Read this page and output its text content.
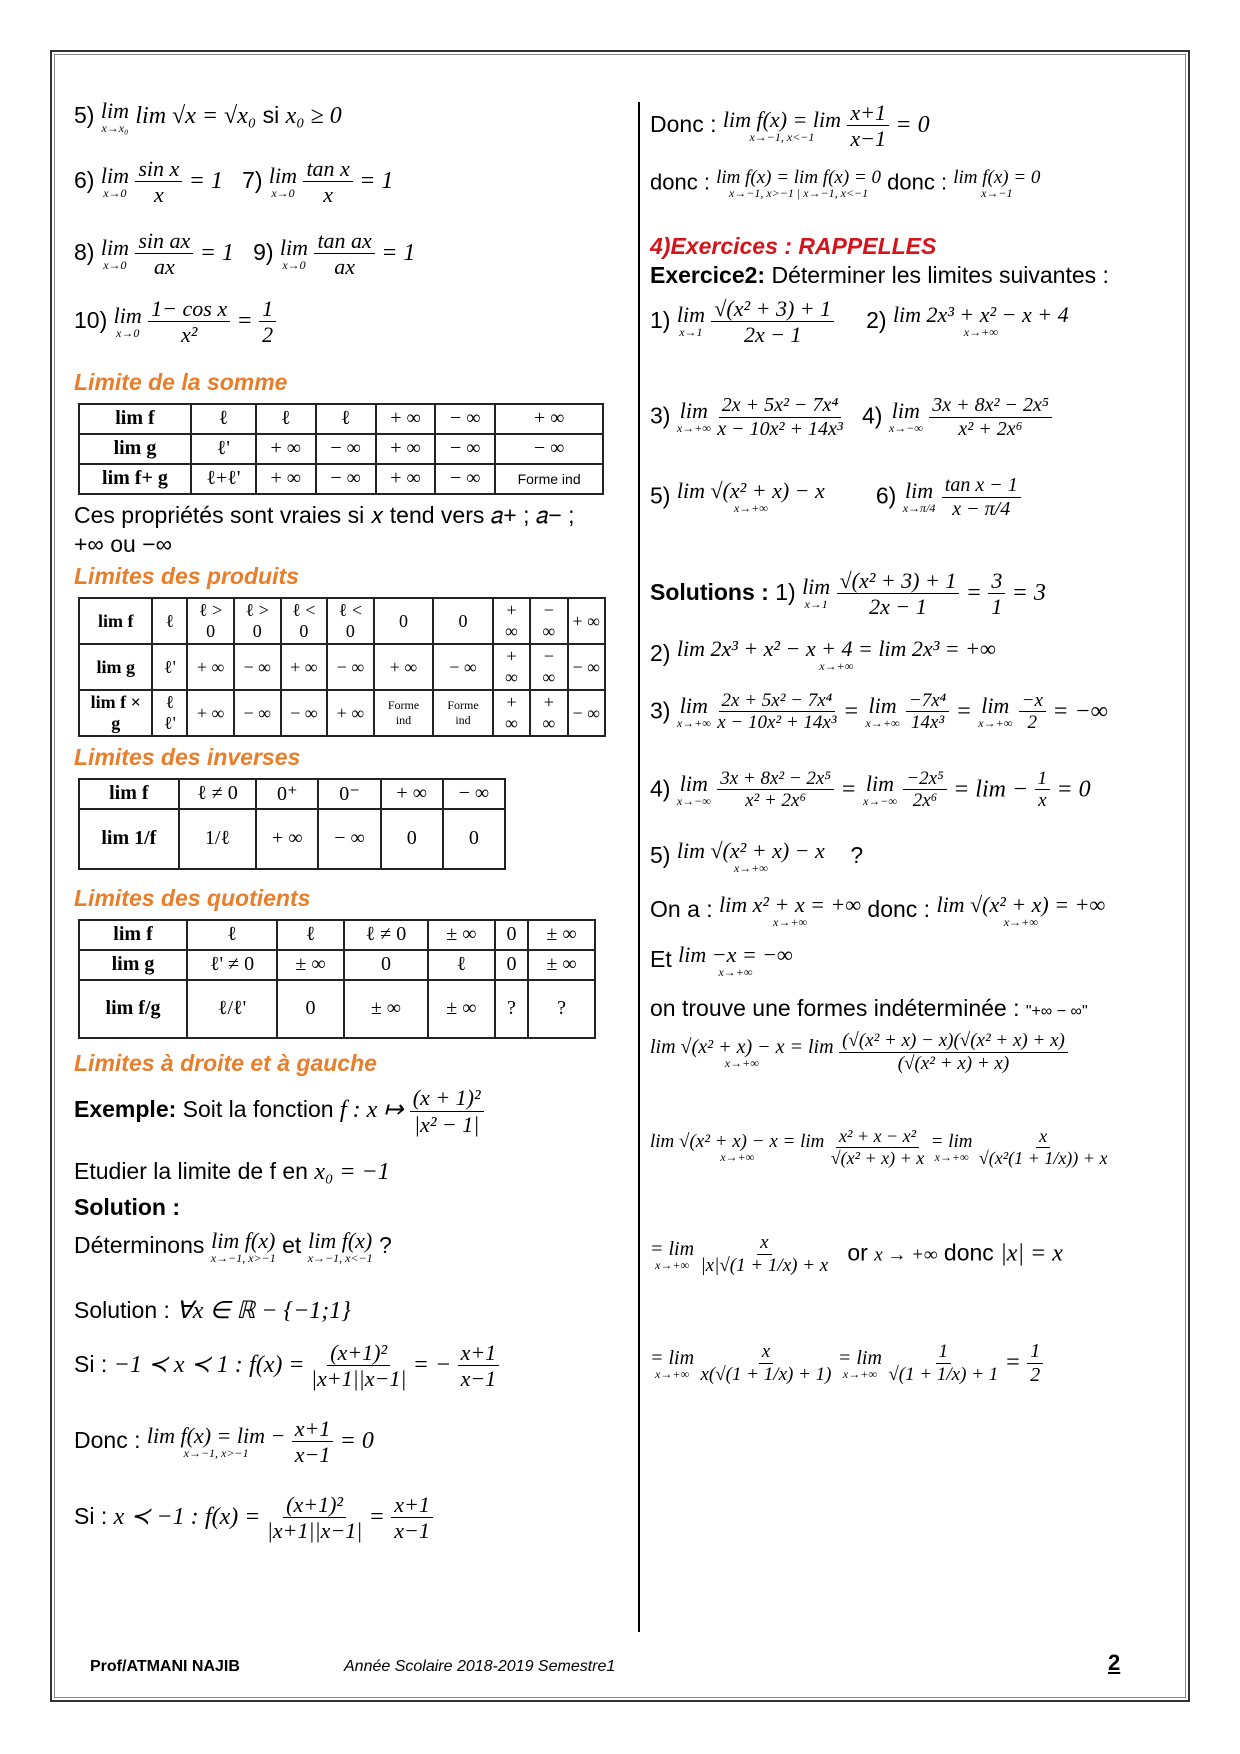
5) lim
x→x₀ lim √x = √x₀ si x₀ ≥ 0
6) lim
x→0
$\frac{\text{sin x}}{x} = 1$ 7) lim
x→0
$\frac{\text{tan x}}{x} = 1$
8) lim
x→0
$\frac{\text{sin ax}}{ax} = 1$ 9) lim
x→0
$\frac{\text{tan ax}}{ax} = 1$
10) lim
x→0
$\frac{\text{1− cos x}}{\text{x²}} = \frac{1}{2}$
Limite de la somme
lim f	ℓ	ℓ	ℓ	+ ∞	− ∞	+ ∞
lim g	ℓ'	+ ∞	− ∞	+ ∞	− ∞	− ∞
lim f+ g	ℓ+ℓ'	+ ∞	− ∞	+ ∞	− ∞	Forme ind
Ces propriétés sont vraies si 𝑥 tend vers 𝑎+ ; 𝑎− ;
+∞ ou −∞
Limites des produits
lim f	ℓ	ℓ > 0	ℓ > 0	ℓ < 0	ℓ < 0	0	0	+ ∞	− ∞	+ ∞
lim g	ℓ'	+ ∞	− ∞	+ ∞	− ∞	+ ∞	− ∞	+ ∞	− ∞	− ∞
lim f × g	ℓ ℓ'	+ ∞	− ∞	− ∞	+ ∞	Forme ind	Forme ind	+ ∞	+ ∞	− ∞
Limites des inverses
lim f	ℓ ≠ 0	0⁺	0⁻	+ ∞	− ∞
lim 1/f	1/ℓ	+ ∞	− ∞	0	0
Limites des quotients
lim f	ℓ	ℓ	ℓ ≠ 0	± ∞	0	± ∞
lim g	ℓ' ≠ 0	± ∞	0	ℓ	0	± ∞
lim f/g	ℓ/ℓ'	0	± ∞	± ∞	?	?
Limites à droite et à gauche
Exemple: Soit la fonction f : x ↦ $\frac{\text{(x + 1)²}}{\text{|x² − 1|}}$
Etudier la limite de f en x₀ = −1
Solution :
Déterminons lim f(x)
x→−1, x>−1 et lim f(x)
x→−1, x<−1 ?
Solution : ∀x ∈ ℝ − {−1;1}
Si : −1 ≺ x ≺ 1 : $f(x) = \frac{\text{(x+1)²}}{|x+1||x-1|}$ = − $\frac{x+1}{x-1}$
Donc : lim f(x) = lim −
x→−1, x>−1
$\frac{x+1}{x-1} = 0$
Si : x ≺ −1 : $f(x) = \frac{\text{(x+1)²}}{|x+1||x-1|} = \frac{x+1}{x-1}$
Donc : lim f(x) = lim
x→−1, x<−1
$\frac{x+1}{x-1} = 0$
donc : lim f(x) = lim f(x) = 0
x→−1, x>−1 | x→−1, x<−1 donc : lim f(x) = 0
x→−1
4)Exercices : RAPPELLES
Exercice2: Déterminer les limites suivantes :
1) lim
x→1
$\frac{\text{√(x² + 3) + 1}}{2x - 1} 2$) lim 2x³ + x² − x + 4
x→+∞
3) lim
x→+∞
$\frac{\text{2x + 5x² − 7x⁴}}{\text{x − 10x² + 14x³}} 4$) lim
x→−∞
$\frac{\text{3x + 8x² − 2x⁵}}{\text{x² + 2x⁶}}$
5) lim √(x² + x) − x
x→+∞	6) lim
x→π/4
$\frac{\text{tan x − 1}}{x - \pi/4}$
Solutions : 1) lim
x→1
$\frac{\text{√(x² + 3) + 1}}{2x - 1} = \frac{3}{1} = 3$
2) lim 2x³ + x² − x + 4 = lim 2x³ = +∞
x→+∞
3) lim
x→+∞
$\frac{\text{2x + 5x² − 7x⁴}}{\text{x − 10x² + 14x³}} = \lim$
x→+∞
$\frac{\text{−7x⁴}}{\text{14x³}} = \lim$
x→+∞
$\frac{-x}{2}$ = −∞
4) lim
x→−∞
$\frac{\text{3x + 8x² − 2x⁵}}{\text{x² + 2x⁶}} = \lim$
x→−∞
$\frac{\text{−2x⁵}}{\text{2x⁶}} = \lim - \frac{1}{x} = 0$
5) lim √(x² + x) − x
x→+∞	?
On a : lim x² + x = +∞
x→+∞	donc : lim √(x² + x) = +∞
x→+∞
Et lim −x = −∞
x→+∞
on trouve une formes indéterminée : "+∞ − ∞"
lim √(x² + x) − x = lim
x→+∞
	$\frac{\text{(√(x² + x) − x)(√(x² + x) + x)}}{\text{(√(x² + x) + x)}}$
lim √(x² + x) − x = lim
x→+∞
	$\frac{\text{x² + x − x²}}{\text{√(x² + x) + x}}$
= lim
x→+∞
$\frac{x}{\text{√(x²(1 + 1/x)) + x}}$
= lim
x→+∞
$\frac{x}{|x|√(1 + 1/x) + x}$ or x → +∞ donc |x| = x
= lim
x→+∞
$\frac{x}{x(√(1 + 1/x) + 1)}$
= lim
x→+∞
$\frac{1}{√(1 + 1/x) + 1} = \frac{1}{2}$
Prof/ATMANI NAJIB	Année Scolaire 2018-2019 Semestre1	2
